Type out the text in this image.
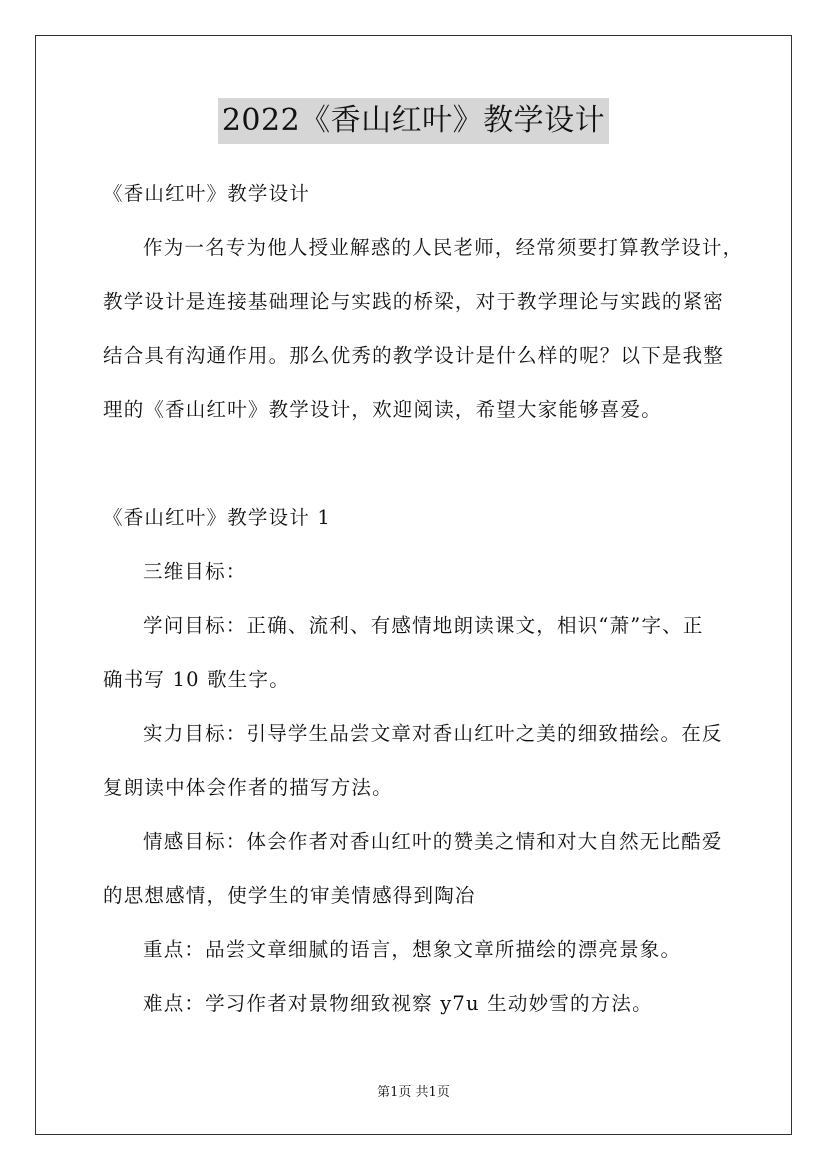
2022《香山红叶》教学设计
《香山红叶》教学设计
作为一名专为他人授业解惑的人民老师，经常须要打算教学设计，
教学设计是连接基础理论与实践的桥梁，对于教学理论与实践的紧密
结合具有沟通作用。那么优秀的教学设计是什么样的呢？以下是我整
理的《香山红叶》教学设计，欢迎阅读，希望大家能够喜爱。
《香山红叶》教学设计 1
三维目标：
学问目标：正确、流利、有感情地朗读课文，相识“萧”字、正
确书写 10 歌生字。
实力目标：引导学生品尝文章对香山红叶之美的细致描绘。在反
复朗读中体会作者的描写方法。
情感目标：体会作者对香山红叶的赞美之情和对大自然无比酷爱
的思想感情，使学生的审美情感得到陶冶
重点：品尝文章细腻的语言，想象文章所描绘的漂亮景象。
难点：学习作者对景物细致视察 y7u 生动妙雪的方法。
第1页 共1页
